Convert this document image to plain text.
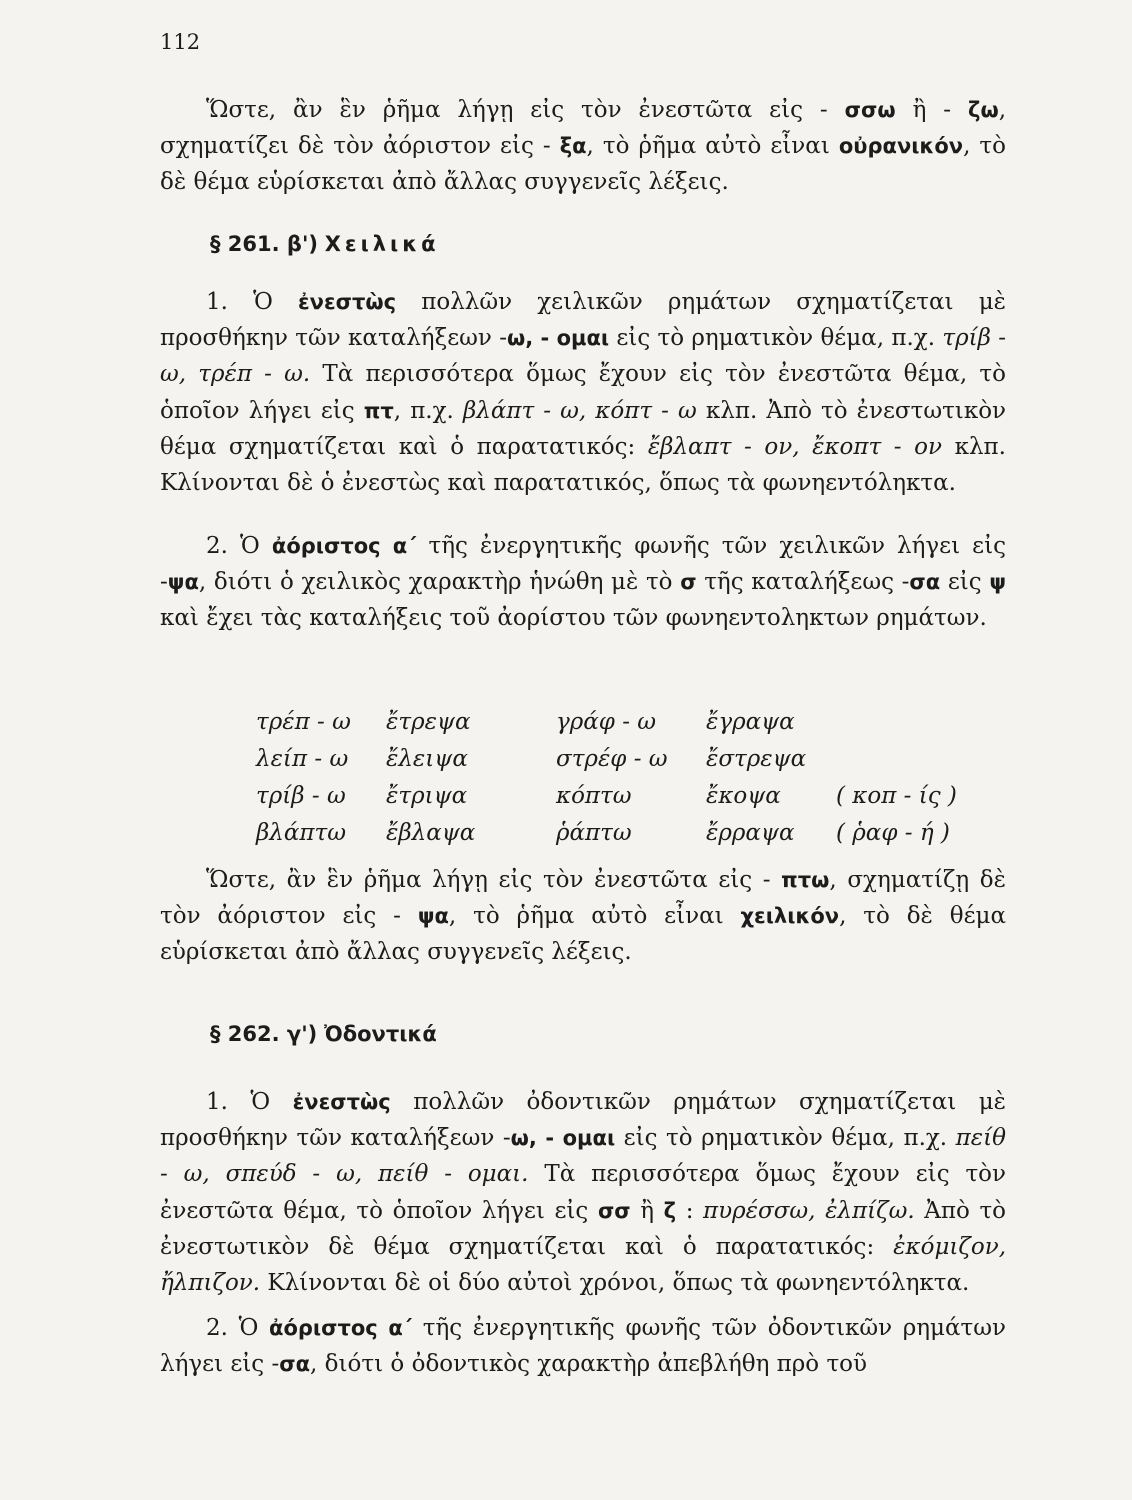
112
Ὥστε, ἂν ἓν ῥῆμα λήγῃ εἰς τὸν ἐνεστῶτα εἰς - σσω ἢ - ζω, σχηματίζει δὲ τὸν ἀόριστον εἰς - ξα, τὸ ῥῆμα αὐτὸ εἶναι οὐρανικόν, τὸ δὲ θέμα εὑρίσκεται ἀπὸ ἄλλας συγγενεῖς λέξεις.
§ 261. β') Χειλικά
1. Ὁ ἐνεστὼς πολλῶν χειλικῶν ρημάτων σχηματίζεται μὲ προσθήκην τῶν καταλήξεων -ω, - ομαι εἰς τὸ ρηματικὸν θέμα, π.χ. τρίβ - ω, τρέπ - ω. Τὰ περισσότερα ὅμως ἔχουν εἰς τὸν ἐνεστῶτα θέμα, τὸ ὁποῖον λήγει εἰς πτ, π.χ. βλάπτ - ω, κόπτ - ω κλπ. Ἀπὸ τὸ ἐνεστωτικὸν θέμα σχηματίζεται καὶ ὁ παρατατικός: ἔβλαπτ - ον, ἔκοπτ - ον κλπ. Κλίνονται δὲ ὁ ἐνεστὼς καὶ παρατατικός, ὅπως τὰ φωνηεντόληκτα.
2. Ὁ ἀόριστος α΄ τῆς ἐνεργητικῆς φωνῆς τῶν χειλικῶν λήγει εἰς -ψα, διότι ὁ χειλικὸς χαρακτὴρ ἡνώθη μὲ τὸ σ τῆς καταλήξεως -σα εἰς ψ καὶ ἔχει τὰς καταλήξεις τοῦ ἀορίστου τῶν φωνηεντοληκτων ρημάτων.
τρέπ - ω	ἔτρεψα	γράφ - ω	ἔγραψα	
λείπ - ω	ἔλειψα	στρέφ - ω	ἔστρεψα	
τρίβ - ω	ἔτριψα	κόπτω	ἔκοψα	( κοπ - ίς )
βλάπτω	ἔβλαψα	ῥάπτω	ἔρραψα	( ῥαφ - ή )
Ὥστε, ἂν ἓν ῥῆμα λήγῃ εἰς τὸν ἐνεστῶτα εἰς - πτω, σχηματίζῃ δὲ τὸν ἀόριστον εἰς - ψα, τὸ ῥῆμα αὐτὸ εἶναι χειλικόν, τὸ δὲ θέμα εὑρίσκεται ἀπὸ ἄλλας συγγενεῖς λέξεις.
§ 262. γ') Ὀδοντικά
1. Ὁ ἐνεστὼς πολλῶν ὀδοντικῶν ρημάτων σχηματίζεται μὲ προσθήκην τῶν καταλήξεων -ω, - ομαι εἰς τὸ ρηματικὸν θέμα, π.χ. πείθ - ω, σπεύδ - ω, πείθ - ομαι. Τὰ περισσότερα ὅμως ἔχουν εἰς τὸν ἐνεστῶτα θέμα, τὸ ὁποῖον λήγει εἰς σσ ἢ ζ : πυρέσσω, ἐλπίζω. Ἀπὸ τὸ ἐνεστωτικὸν δὲ θέμα σχηματίζεται καὶ ὁ παρατατικός: ἐκόμιζον, ἤλπιζον. Κλίνονται δὲ οἱ δύο αὐτοὶ χρόνοι, ὅπως τὰ φωνηεντόληκτα.
2. Ὁ ἀόριστος α΄ τῆς ἐνεργητικῆς φωνῆς τῶν ὀδοντικῶν ρημάτων λήγει εἰς -σα, διότι ὁ ὀδοντικὸς χαρακτὴρ ἀπεβλήθη πρὸ τοῦ
